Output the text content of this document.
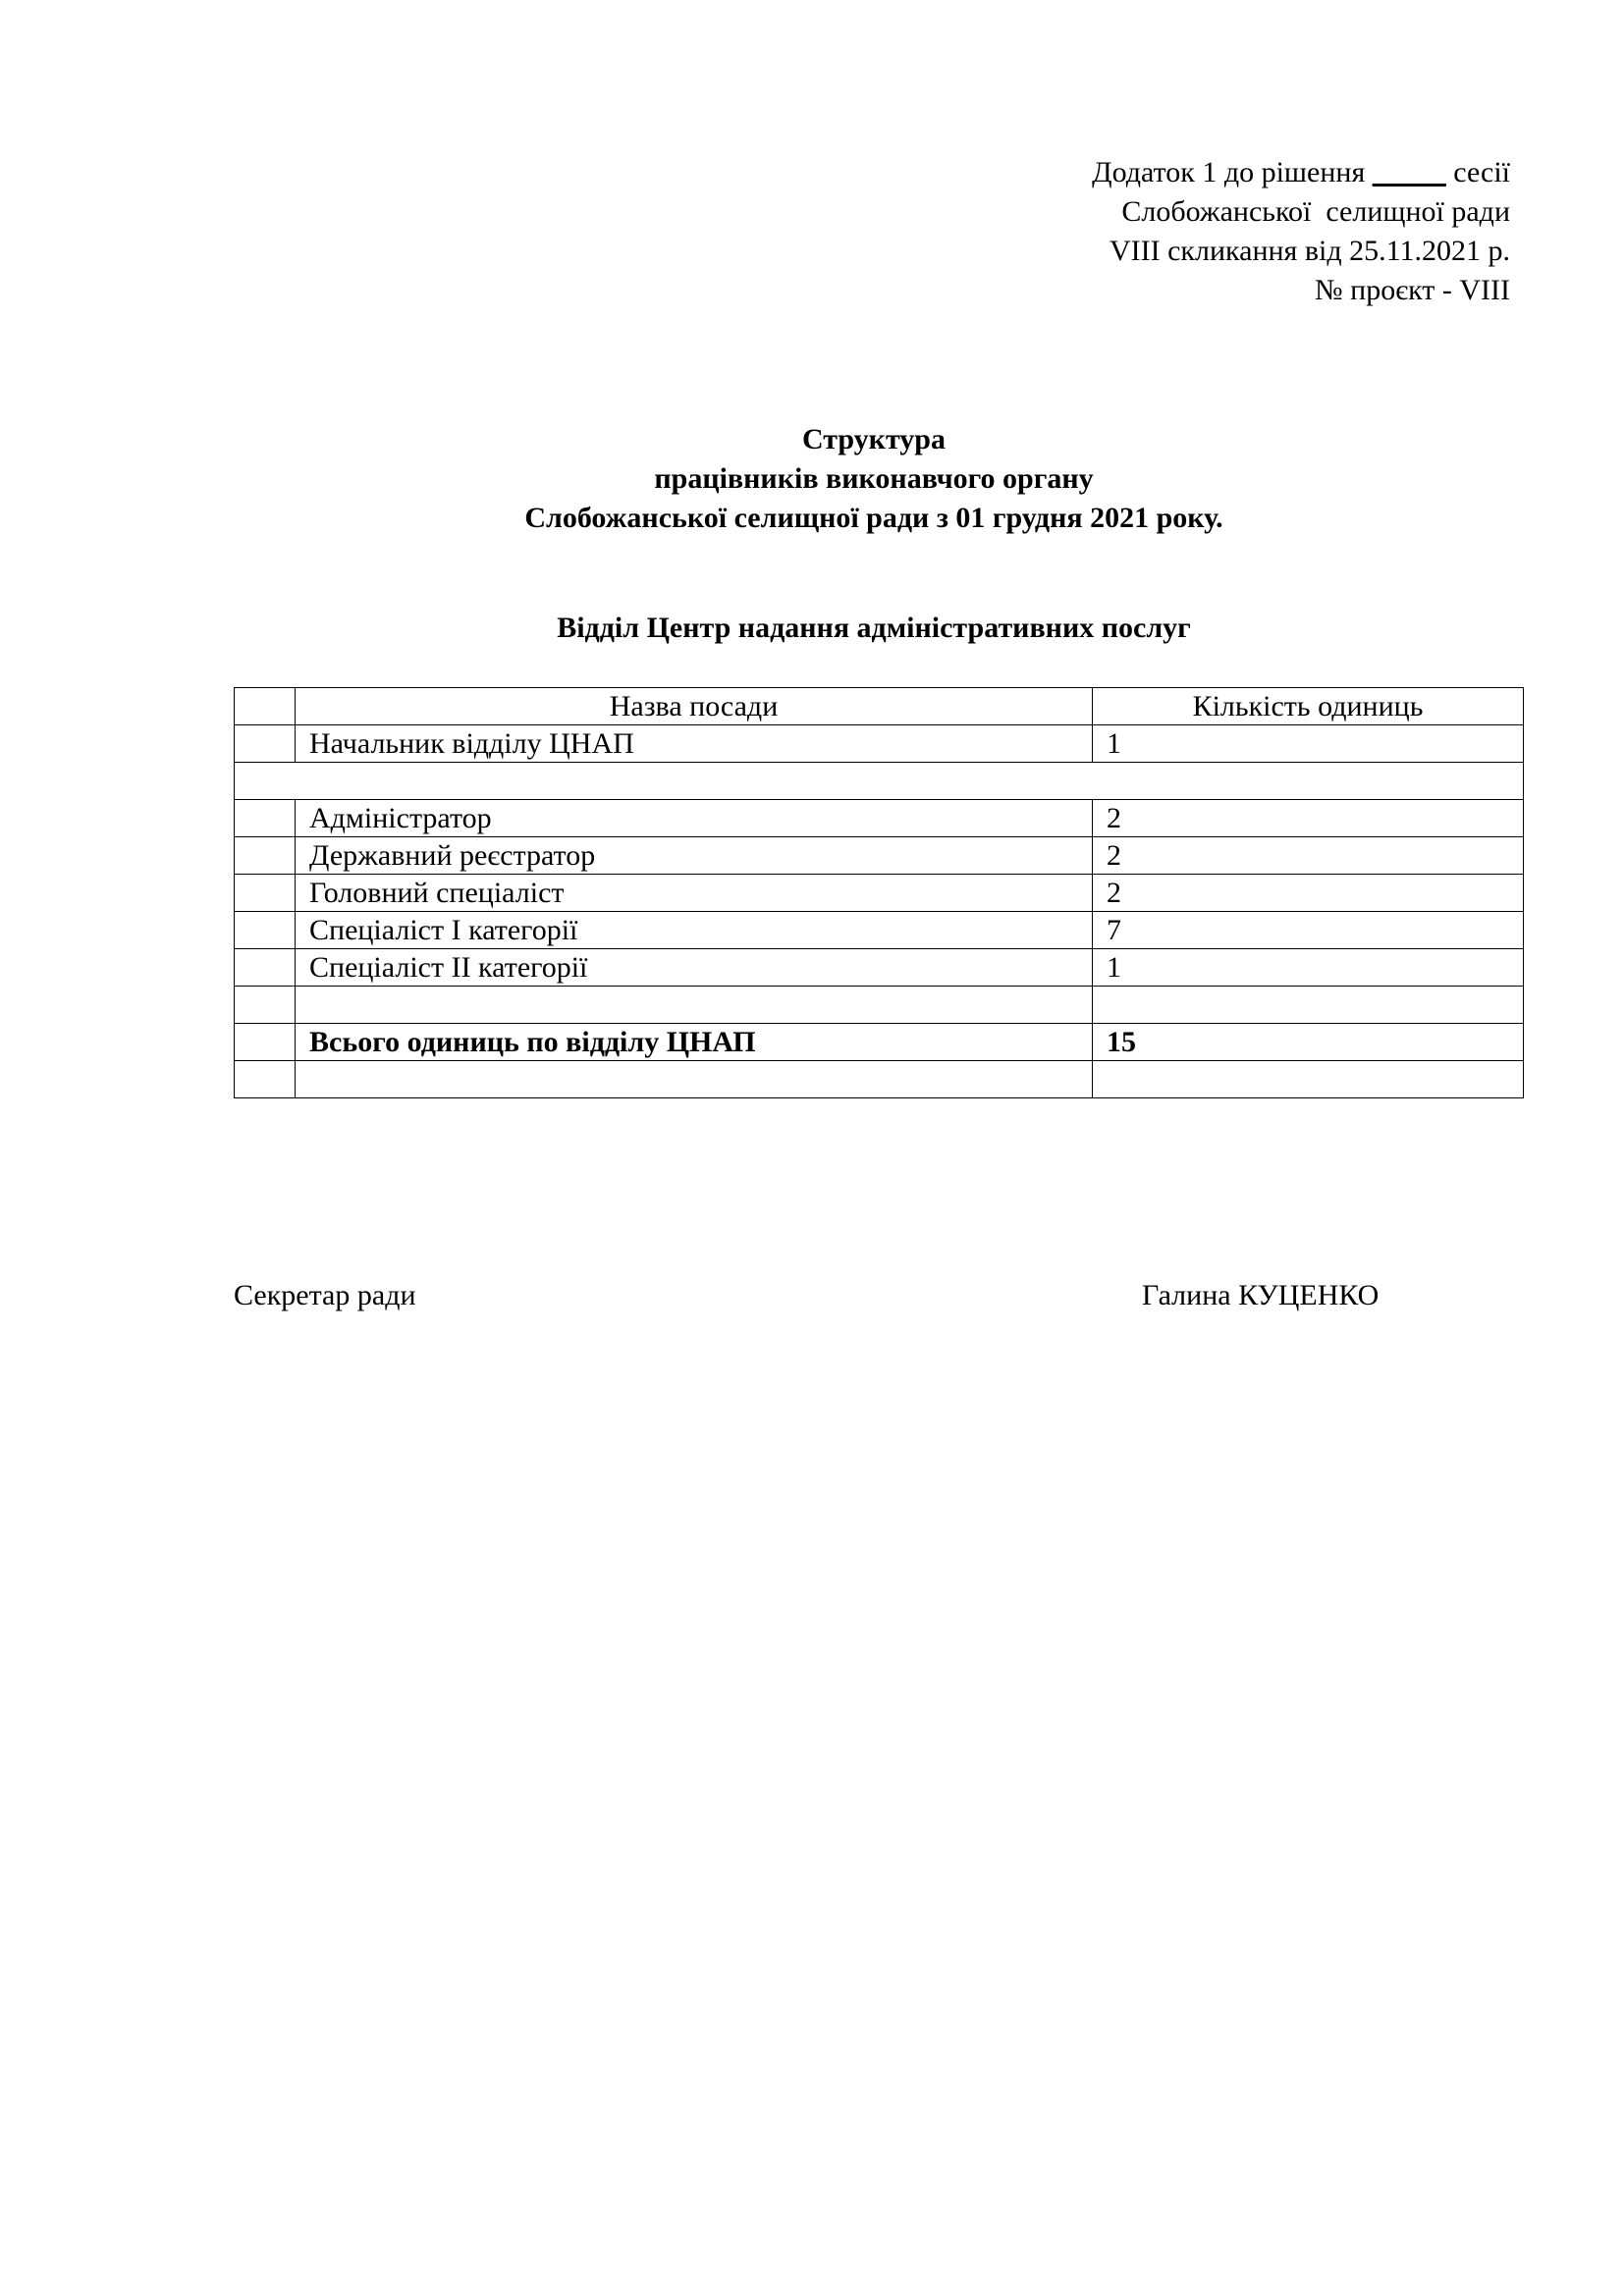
Додаток 1 до рішення _____ сесії
Слобожанської  селищної ради
VIII скликання від 25.11.2021 р.
№ проєкт - VIII
Структура
працівників виконавчого органу
Слобожанської селищної ради з 01 грудня 2021 року.
Відділ Центр надання адміністративних послуг
	Назва посади	Кількість одиниць
	Начальник відділу ЦНАП	1

	Адміністратор	2
	Державний реєстратор	2
	Головний спеціаліст	2
	Спеціаліст І категорії	7
	Спеціаліст ІІ категорії	1

	Всього одиниць по відділу ЦНАП	15

Секретар ради	Галина КУЦЕНКО
